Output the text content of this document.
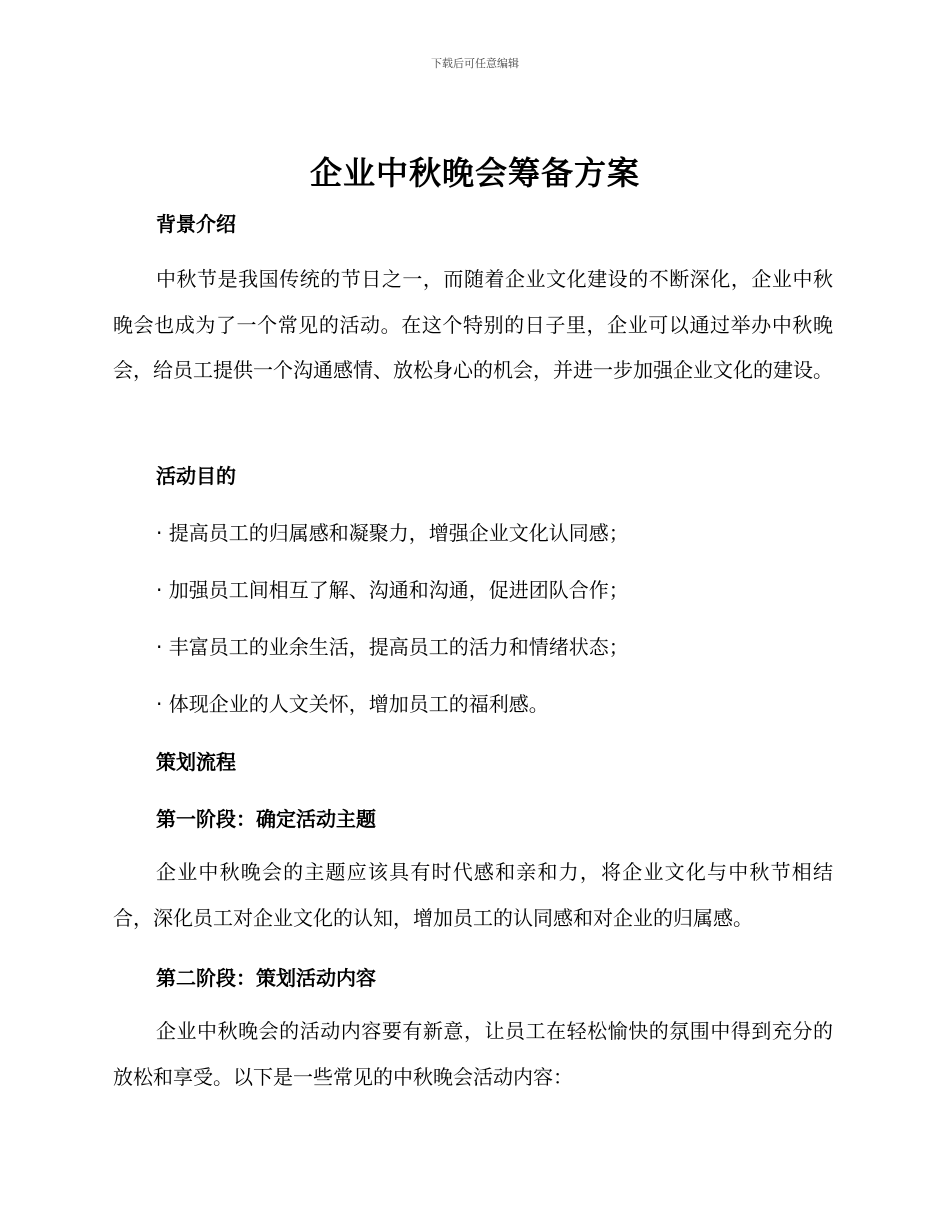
下载后可任意编辑
企业中秋晚会筹备方案
背景介绍
中秋节是我国传统的节日之一，而随着企业文化建设的不断深化，企业中秋晚会也成为了一个常见的活动。在这个特别的日子里，企业可以通过举办中秋晚会，给员工提供一个沟通感情、放松身心的机会，并进一步加强企业文化的建设。
活动目的
· 提高员工的归属感和凝聚力，增强企业文化认同感；
· 加强员工间相互了解、沟通和沟通，促进团队合作；
· 丰富员工的业余生活，提高员工的活力和情绪状态；
· 体现企业的人文关怀，增加员工的福利感。
策划流程
第一阶段：确定活动主题
企业中秋晚会的主题应该具有时代感和亲和力，将企业文化与中秋节相结合，深化员工对企业文化的认知，增加员工的认同感和对企业的归属感。
第二阶段：策划活动内容
企业中秋晚会的活动内容要有新意，让员工在轻松愉快的氛围中得到充分的放松和享受。以下是一些常见的中秋晚会活动内容：
